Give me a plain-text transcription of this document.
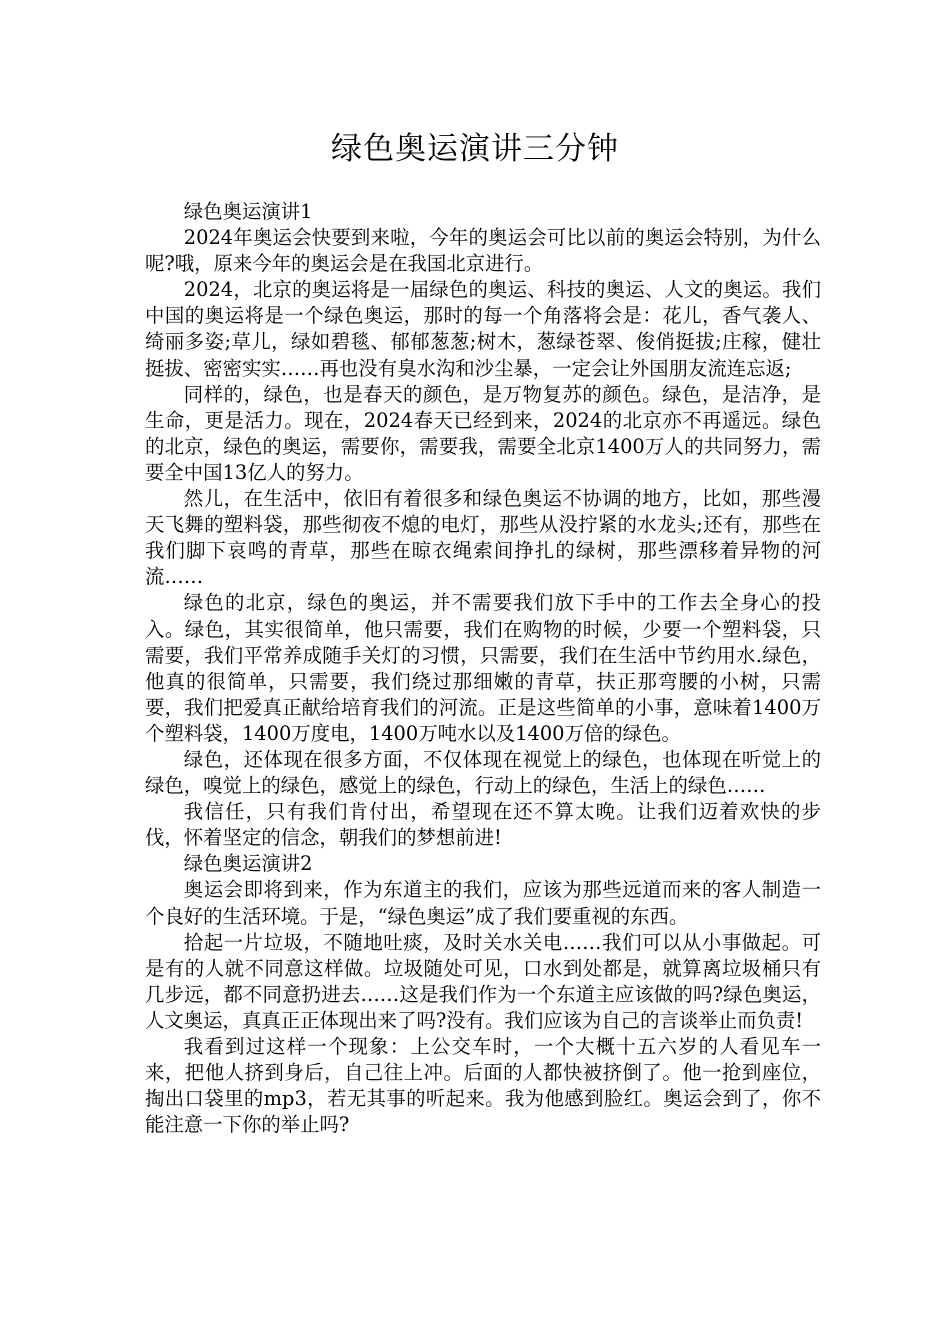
绿色奥运演讲三分钟

绿色奥运演讲1

2024年奥运会快要到来啦，今年的奥运会可比以前的奥运会特别，为什么呢?哦，原来今年的奥运会是在我国北京进行。

2024，北京的奥运将是一届绿色的奥运、科技的奥运、人文的奥运。我们中国的奥运将是一个绿色奥运，那时的每一个角落将会是：花儿，香气袭人、绮丽多姿;草儿，绿如碧毯、郁郁葱葱;树木，葱绿苍翠、俊俏挺拔;庄稼，健壮挺拔、密密实实……再也没有臭水沟和沙尘暴，一定会让外国朋友流连忘返;

同样的，绿色，也是春天的颜色，是万物复苏的颜色。绿色，是洁净，是生命，更是活力。现在，2024春天已经到来，2024的北京亦不再遥远。绿色的北京，绿色的奥运，需要你，需要我，需要全北京1400万人的共同努力，需要全中国13亿人的努力。

然儿，在生活中，依旧有着很多和绿色奥运不协调的地方，比如，那些漫天飞舞的塑料袋，那些彻夜不熄的电灯，那些从没拧紧的水龙头;还有，那些在我们脚下哀鸣的青草，那些在晾衣绳索间挣扎的绿树，那些漂移着异物的河流……

绿色的北京，绿色的奥运，并不需要我们放下手中的工作去全身心的投入。绿色，其实很简单，他只需要，我们在购物的时候，少要一个塑料袋，只需要，我们平常养成随手关灯的习惯，只需要，我们在生活中节约用水.绿色， 他真的很简单，只需要，我们绕过那细嫩的青草，扶正那弯腰的小树，只需要，我们把爱真正献给培育我们的河流。正是这些简单的小事，意味着1400万个塑料袋，1400万度电，1400万吨水以及1400万倍的绿色。

绿色，还体现在很多方面，不仅体现在视觉上的绿色，也体现在听觉上的绿色，嗅觉上的绿色，感觉上的绿色，行动上的绿色，生活上的绿色……

我信任，只有我们肯付出，希望现在还不算太晚。让我们迈着欢快的步伐，怀着坚定的信念，朝我们的梦想前进!

绿色奥运演讲2

奥运会即将到来，作为东道主的我们，应该为那些远道而来的客人制造一个良好的生活环境。于是，“绿色奥运”成了我们要重视的东西。

拾起一片垃圾，不随地吐痰，及时关水关电……我们可以从小事做起。可是有的人就不同意这样做。垃圾随处可见，口水到处都是，就算离垃圾桶只有几步远，都不同意扔进去……这是我们作为一个东道主应该做的吗?绿色奥运，人文奥运，真真正正体现出来了吗?没有。我们应该为自己的言谈举止而负责!

我看到过这样一个现象：上公交车时，一个大概十五六岁的人看见车一来，把他人挤到身后，自己往上冲。后面的人都快被挤倒了。他一抢到座位，掏出口袋里的mp3，若无其事的听起来。我为他感到脸红。奥运会到了，你不能注意一下你的举止吗?
